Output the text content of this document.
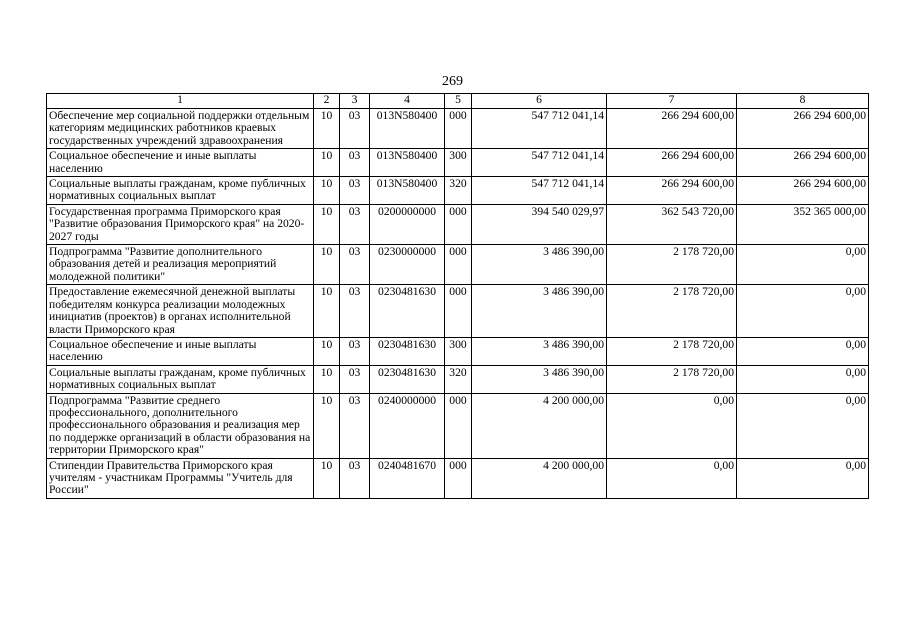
269
1	2	3	4	5	6	7	8
Обеспечение мер социальной поддержки отдельным категориям медицинских работников краевых государственных учреждений здравоохранения	10	03	013N580400	000	547 712 041,14	266 294 600,00	266 294 600,00
Социальное обеспечение и иные выплаты населению	10	03	013N580400	300	547 712 041,14	266 294 600,00	266 294 600,00
Социальные выплаты гражданам, кроме публичных нормативных социальных выплат	10	03	013N580400	320	547 712 041,14	266 294 600,00	266 294 600,00
Государственная программа Приморского края "Развитие образования Приморского края" на 2020-2027 годы	10	03	0200000000	000	394 540 029,97	362 543 720,00	352 365 000,00
Подпрограмма "Развитие дополнительного образования детей и реализация мероприятий молодежной политики"	10	03	0230000000	000	3 486 390,00	2 178 720,00	0,00
Предоставление ежемесячной денежной выплаты победителям конкурса реализации молодежных инициатив (проектов) в органах исполнительной власти Приморского края	10	03	0230481630	000	3 486 390,00	2 178 720,00	0,00
Социальное обеспечение и иные выплаты населению	10	03	0230481630	300	3 486 390,00	2 178 720,00	0,00
Социальные выплаты гражданам, кроме публичных нормативных социальных выплат	10	03	0230481630	320	3 486 390,00	2 178 720,00	0,00
Подпрограмма "Развитие среднего профессионального, дополнительного профессионального образования и реализация мер по поддержке организаций в области образования на территории Приморского края"	10	03	0240000000	000	4 200 000,00	0,00	0,00
Стипендии Правительства Приморского края учителям - участникам Программы "Учитель для России"	10	03	0240481670	000	4 200 000,00	0,00	0,00
